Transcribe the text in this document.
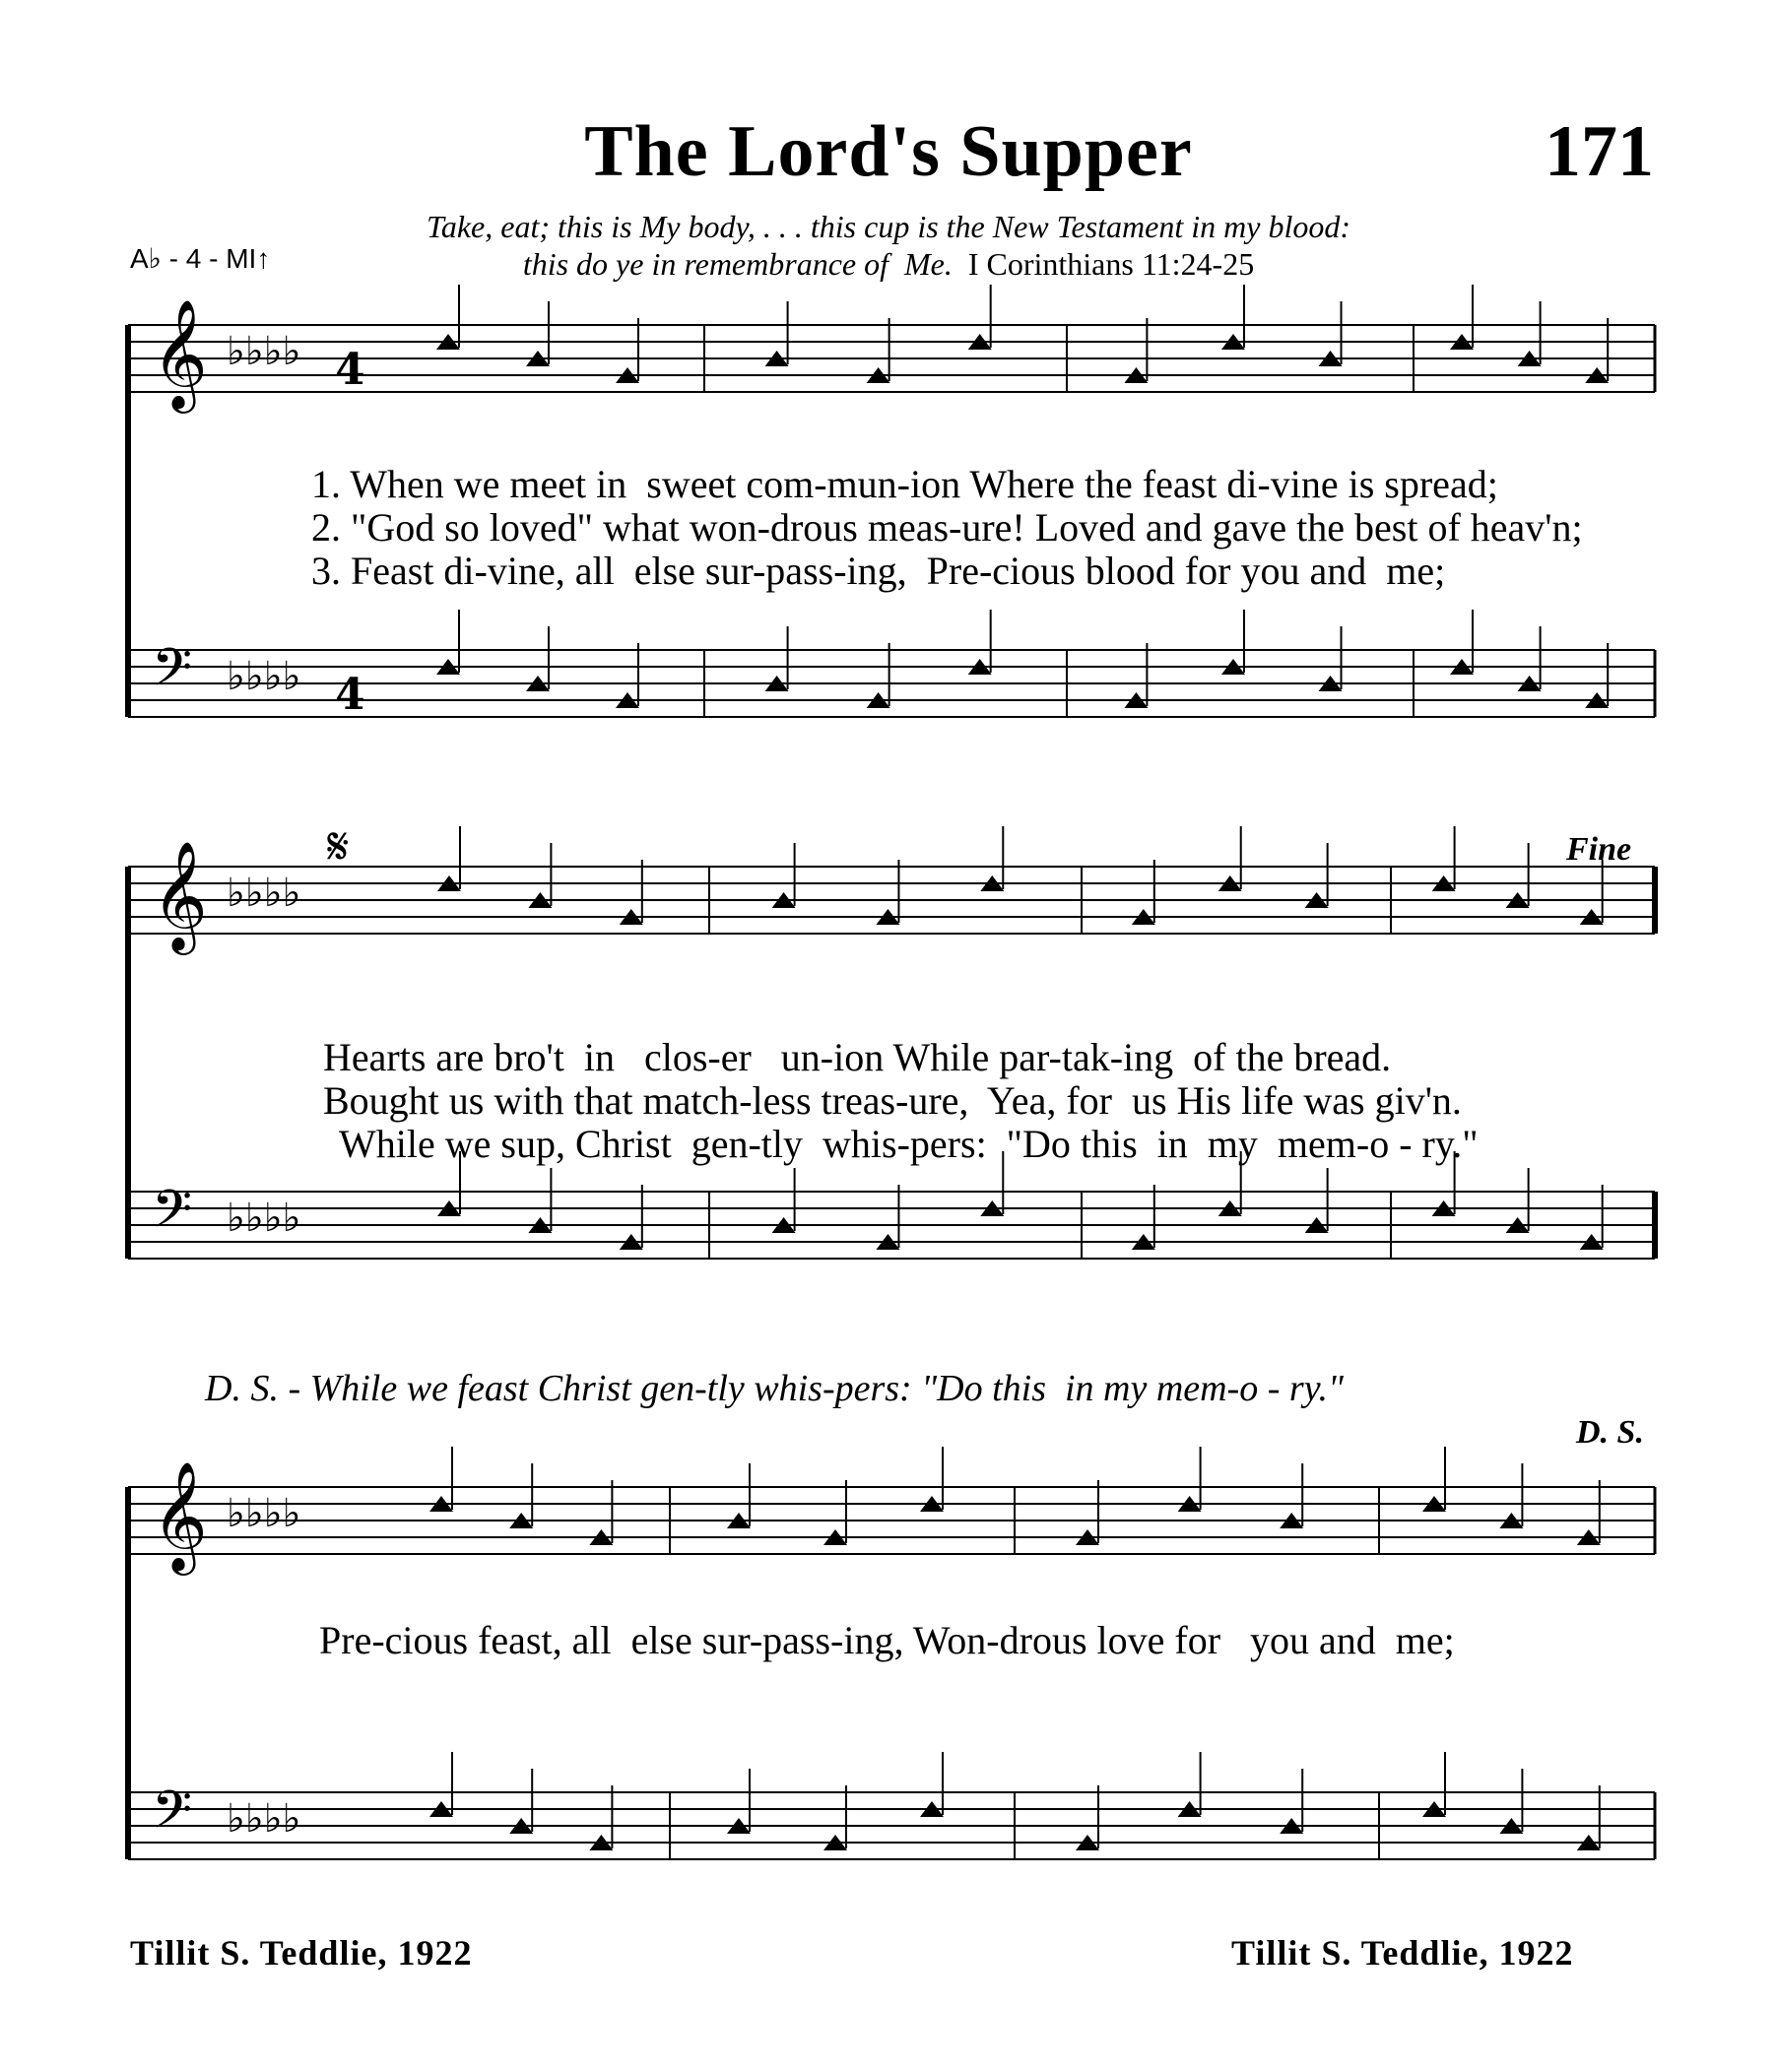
The Lord's Supper	171
Take, eat; this is My body, . . . this cup is the New Testament in my blood:
this do ye in remembrance of  Me. I Corinthians 11:24-25
A♭ - 4 - MI↑
𝄞 ♭♭♭♭ 4
𝄢 ♭♭♭♭ 4
𝄞 ♭♭♭♭
𝄢 ♭♭♭♭
𝄞 ♭♭♭♭
𝄢 ♭♭♭♭
1. When we meet in  sweet com-mun-ion Where the feast di-vine is spread;
2. "God so loved" what won-drous meas-ure! Loved and gave the best of heav'n;
3. Feast di-vine, all  else sur-pass-ing,  Pre-cious blood for you and  me;
𝄋	Fine
Hearts are bro't  in   clos-er   un-ion While par-tak-ing  of the bread.
Bought us with that match-less treas-ure,  Yea, for  us His life was giv'n.
While we sup, Christ  gen-tly  whis-pers:  "Do this  in  my  mem-o - ry."
D. S. - While we feast Christ gen-tly whis-pers: "Do this  in my mem-o - ry."
D. S.
Pre-cious feast, all  else sur-pass-ing, Won-drous love for   you and  me;
Tillit S. Teddlie, 1922	Tillit S. Teddlie, 1922
